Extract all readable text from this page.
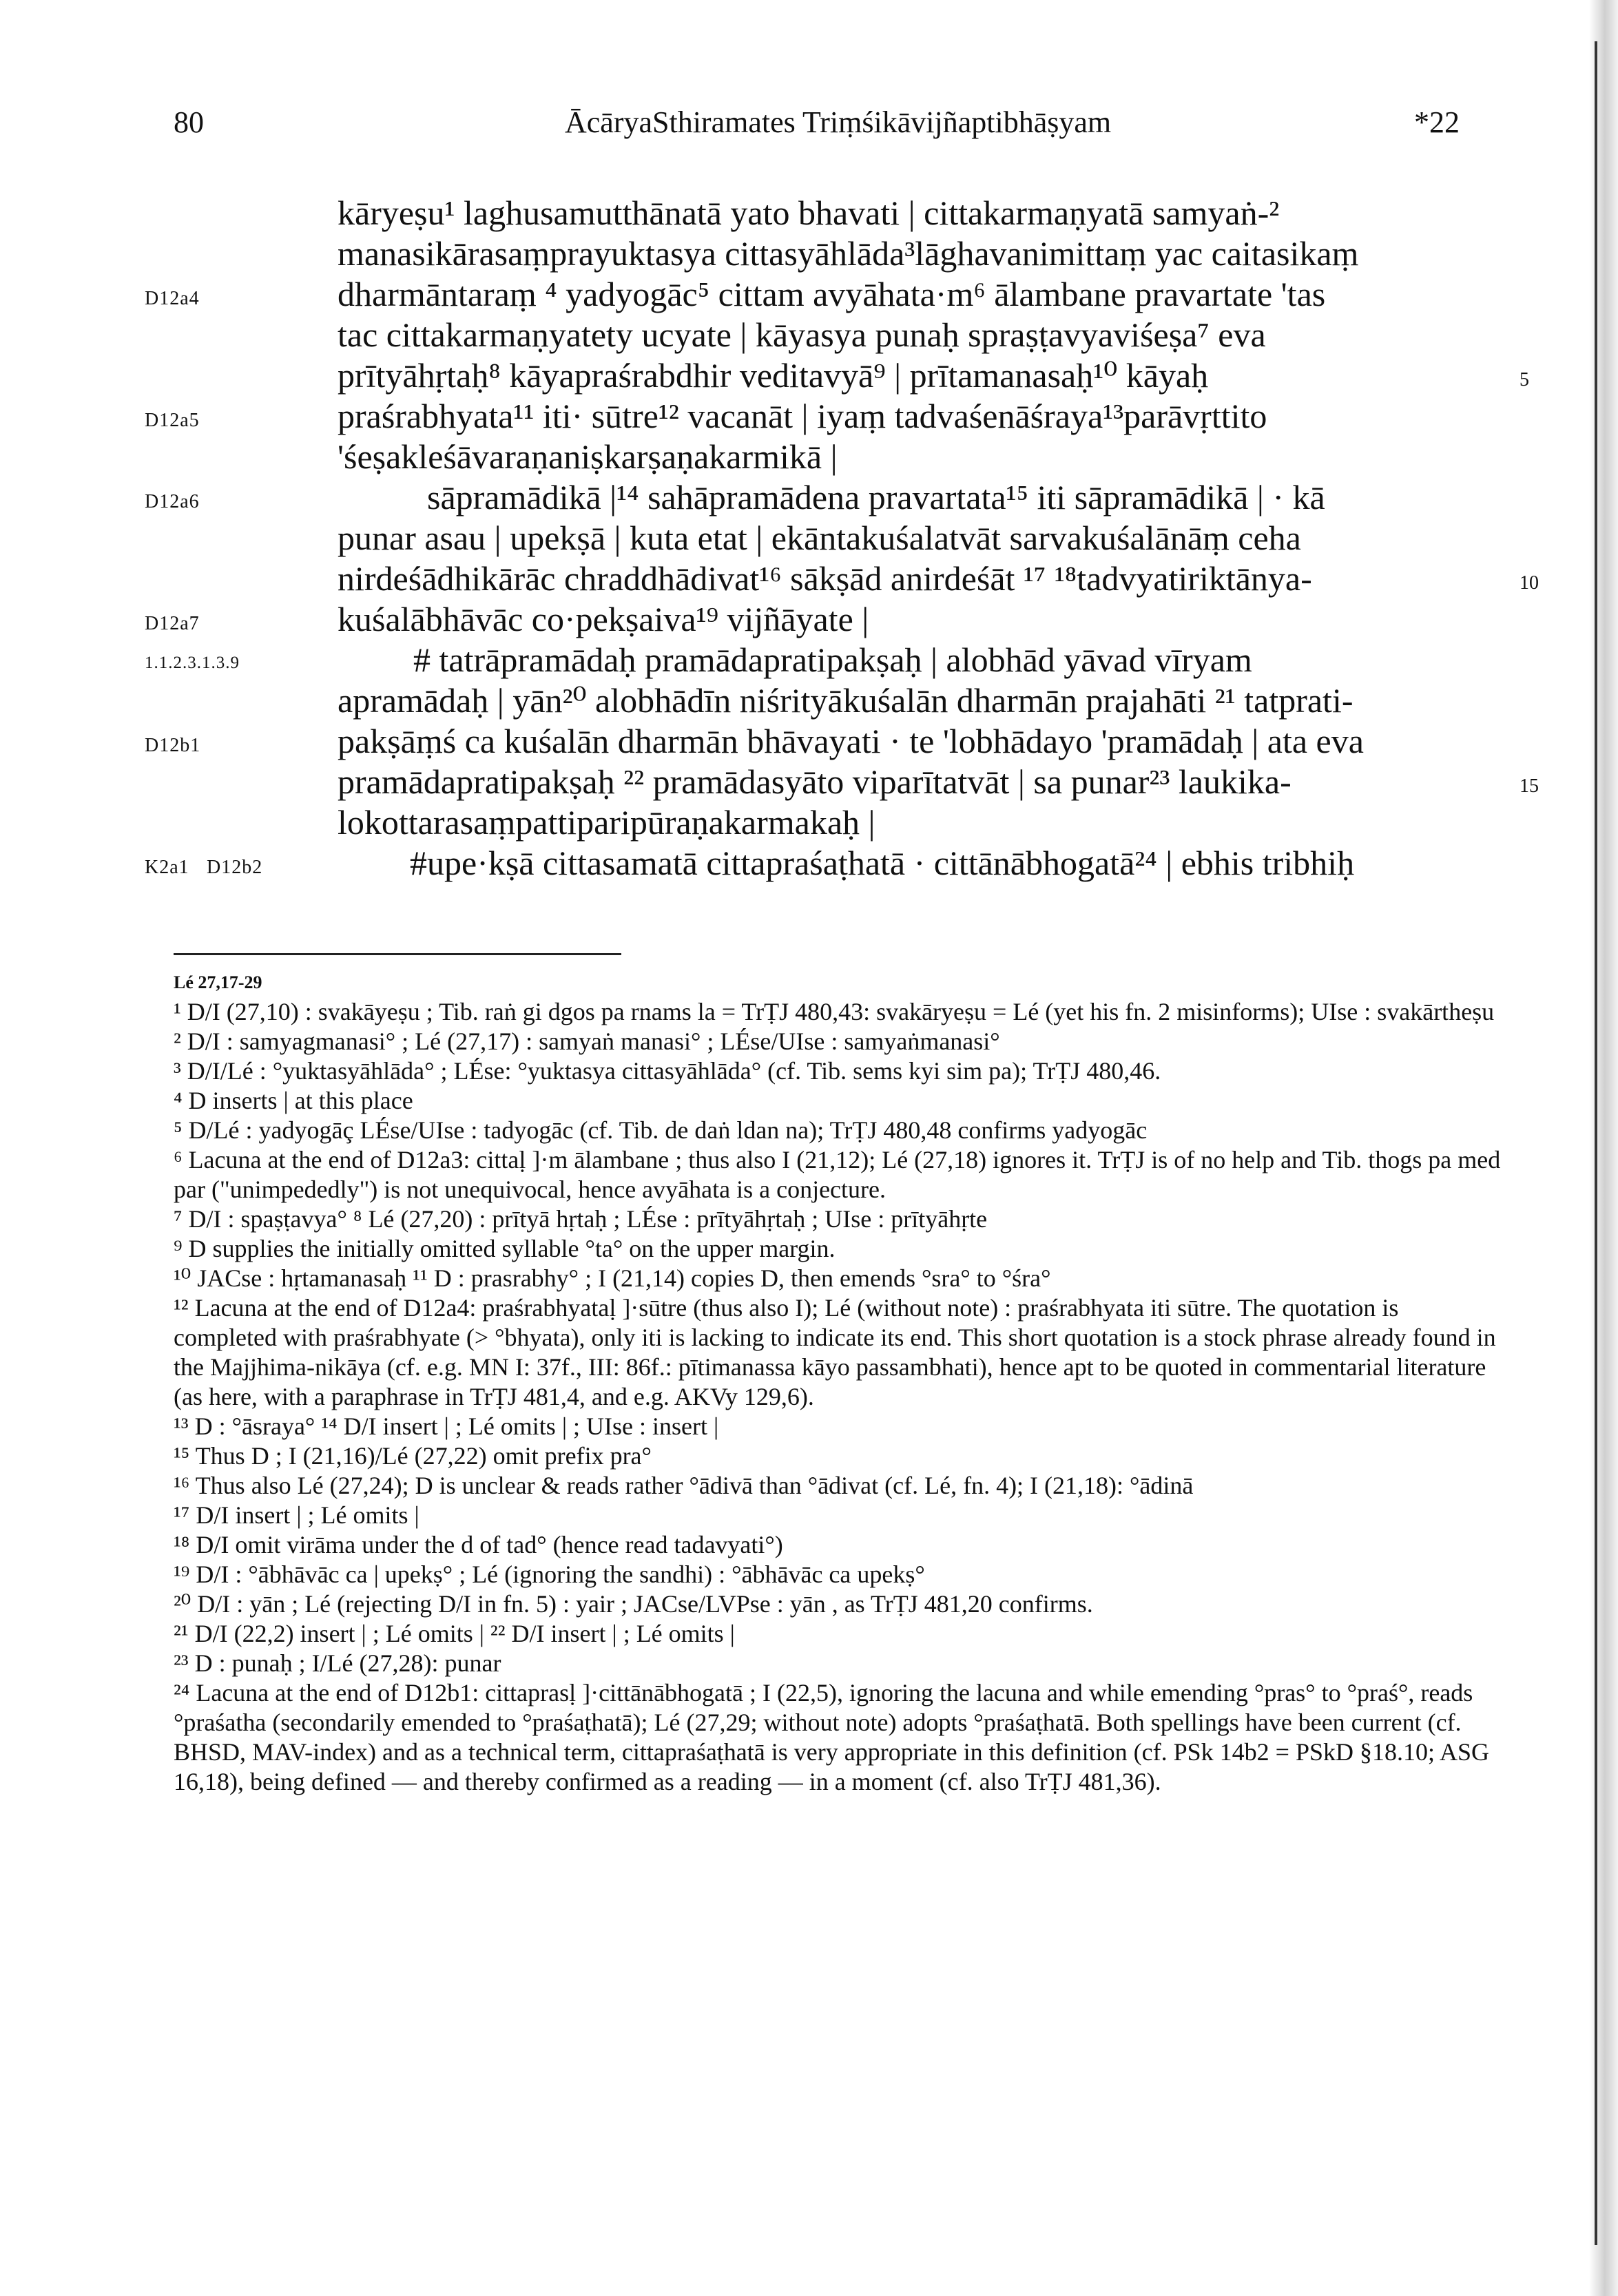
80	ĀcāryaSthiramates Triṃśikāvijñaptibhāṣyam	*22
kāryeṣu¹ laghusamutthānatā yato bhavati | cittakarmaṇyatā samyaṅ-²
manasikārasaṃprayuktasya cittasyāhlāda³lāghavanimittaṃ yac caitasikaṃ
dharmāntaraṃ ⁴ yadyogāc⁵ cittam avyāhata·m⁶ ālambane pravartate 'tas
tac cittakarmaṇyatety ucyate | kāyasya punaḥ spraṣṭavyaviśeṣa⁷ eva
prītyāhṛtaḥ⁸ kāyapraśrabdhir veditavyā⁹ | prītamanasaḥ¹⁰ kāyaḥ
praśrabhyata¹¹ iti· sūtre¹² vacanāt | iyaṃ tadvaśenāśraya¹³parāvṛttito
'śeṣakleśāvaraṇaniṣkarṣaṇakarmikā |
sāpramādikā |¹⁴ sahāpramādena pravartata¹⁵ iti sāpramādikā | · kā
punar asau | upekṣā | kuta etat | ekāntakuśalatvāt sarvakuśalānāṃ ceha
nirdeśādhikārāc chraddhādivat¹⁶ sākṣād anirdeśāt ¹⁷ ¹⁸tadvyatiriktānya-
kuśalābhāvāc co·pekṣaiva¹⁹ vijñāyate |
# tatrāpramādaḥ pramādapratipakṣaḥ | alobhād yāvad vīryam
apramādaḥ | yān²⁰ alobhādīn niśrityākuśalān dharmān prajahāti ²¹ tatprati-
pakṣāṃś ca kuśalān dharmān bhāvayati · te 'lobhādayo 'pramādaḥ | ata eva
pramādapratipakṣaḥ ²² pramādasyāto viparītatvāt | sa punar²³ laukika-
lokottarasaṃpattiparipūraṇakarmakaḥ |
#upe·kṣā cittasamatā cittapraśaṭhatā · cittānābhogatā²⁴ | ebhis tribhiḥ
D12a4
D12a5
D12a6
D12a7
1.1.2.3.1.3.9
D12b1
K2a1 D12b2
5
10
15
Lé 27,17-29
¹ D/I (27,10) : svakāyeṣu ; Tib. raṅ gi dgos pa rnams la = TrṬJ 480,43: svakāryeṣu = Lé (yet his fn. 2 misinforms); UIse : svakārtheṣu
² D/I : samyagmanasi° ; Lé (27,17) : samyaṅ manasi° ; LÉse/UIse : samyaṅmanasi°
³ D/I/Lé : °yuktasyāhlāda° ; LÉse: °yuktasya cittasyāhlāda° (cf. Tib. sems kyi sim pa); TrṬJ 480,46.
⁴ D inserts | at this place
⁵ D/Lé : yadyogāç LÉse/UIse : tadyogāc (cf. Tib. de daṅ ldan na); TrṬJ 480,48 confirms yadyogāc
⁶ Lacuna at the end of D12a3: cittaḷ ]·m ālambane ; thus also I (21,12); Lé (27,18) ignores it. TrṬJ is of no help and Tib. thogs pa med par ("unimpededly") is not unequivocal, hence avyāhata is a conjecture.
⁷ D/I : spaṣṭavya° ⁸ Lé (27,20) : prītyā hṛtaḥ ; LÉse : prītyāhṛtaḥ ; UIse : prītyāhṛte
⁹ D supplies the initially omitted syllable °ta° on the upper margin.
¹⁰ JACse : hṛtamanasaḥ ¹¹ D : prasrabhy° ; I (21,14) copies D, then emends °sra° to °śra°
¹² Lacuna at the end of D12a4: praśrabhyataḷ ]·sūtre (thus also I); Lé (without note) : praśrabhyata iti sūtre. The quotation is completed with praśrabhyate (> °bhyata), only iti is lacking to indicate its end. This short quotation is a stock phrase already found in the Majjhima-nikāya (cf. e.g. MN I: 37f., III: 86f.: pītimanassa kāyo passambhati), hence apt to be quoted in commentarial literature (as here, with a paraphrase in TrṬJ 481,4, and e.g. AKVy 129,6).
¹³ D : °āsraya° ¹⁴ D/I insert | ; Lé omits | ; UIse : insert |
¹⁵ Thus D ; I (21,16)/Lé (27,22) omit prefix pra°
¹⁶ Thus also Lé (27,24); D is unclear & reads rather °ādivā than °ādivat (cf. Lé, fn. 4); I (21,18): °ādinā
¹⁷ D/I insert | ; Lé omits |
¹⁸ D/I omit virāma under the d of tad° (hence read tadavyati°)
¹⁹ D/I : °ābhāvāc ca | upekṣ° ; Lé (ignoring the sandhi) : °ābhāvāc ca upekṣ°
²⁰ D/I : yān ; Lé (rejecting D/I in fn. 5) : yair ; JACse/LVPse : yān , as TrṬJ 481,20 confirms.
²¹ D/I (22,2) insert | ; Lé omits | ²² D/I insert | ; Lé omits |
²³ D : punaḥ ; I/Lé (27,28): punar
²⁴ Lacuna at the end of D12b1: cittaprasḷ ]·cittānābhogatā ; I (22,5), ignoring the lacuna and while emending °pras° to °praś°, reads °praśatha (secondarily emended to °praśaṭhatā); Lé (27,29; without note) adopts °praśaṭhatā. Both spellings have been current (cf. BHSD, MAV-index) and as a technical term, cittapraśaṭhatā is very appropriate in this definition (cf. PSk 14b2 = PSkD §18.10; ASG 16,18), being defined — and thereby confirmed as a reading — in a moment (cf. also TrṬJ 481,36).
